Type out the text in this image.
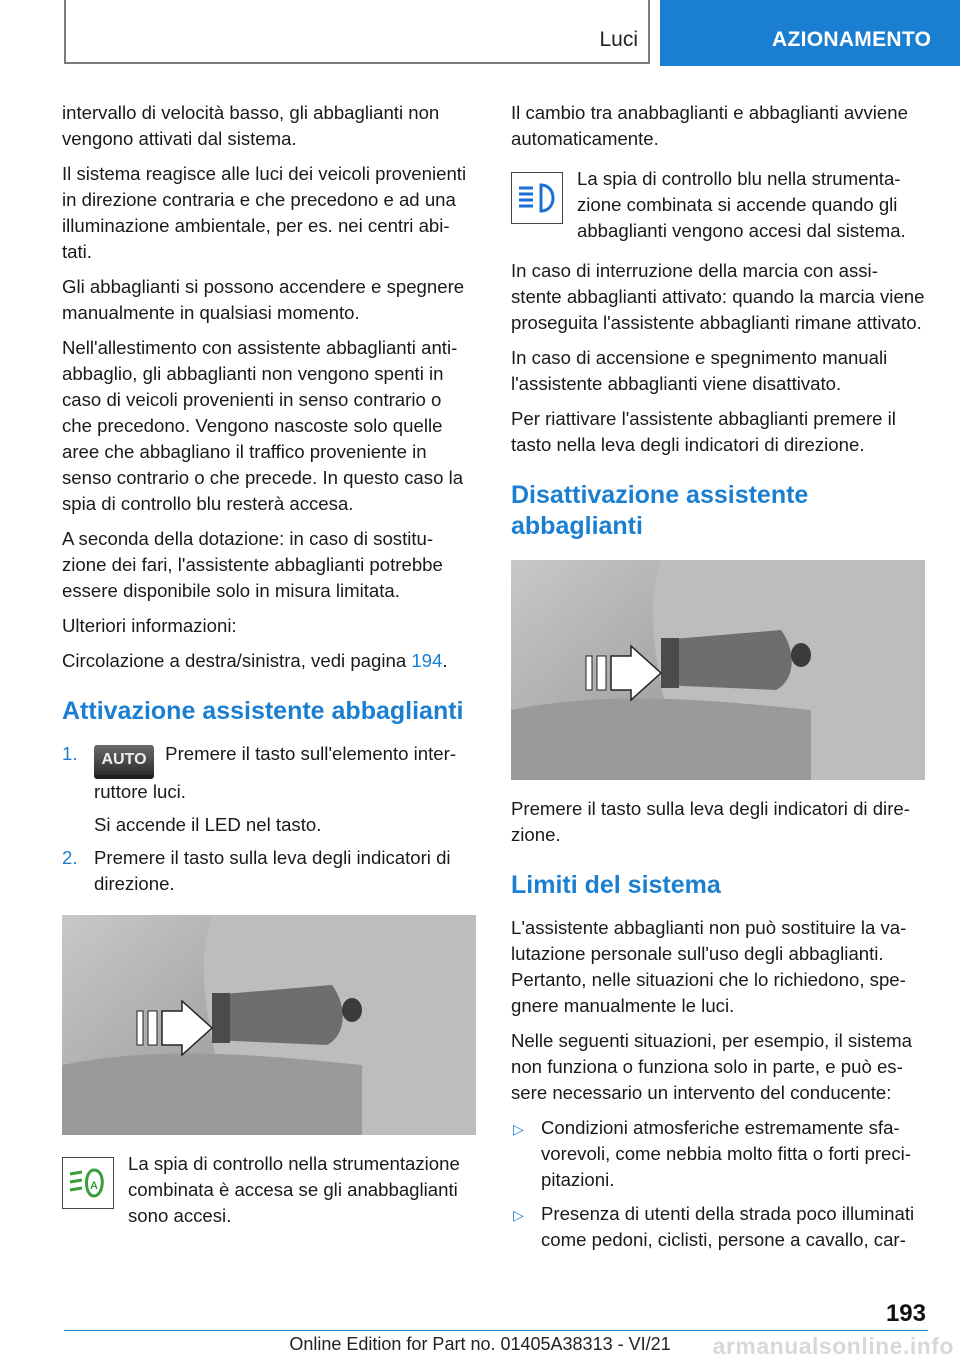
Luci	AZIONAMENTO

intervallo di velocità basso, gli abbaglianti non vengono attivati dal sistema.

Il sistema reagisce alle luci dei veicoli provenienti in direzione contraria e che precedono e ad una illuminazione ambientale, per es. nei centri abi‐tati.

Gli abbaglianti si possono accendere e spegnere manualmente in qualsiasi momento.

Nell'allestimento con assistente abbaglianti anti‐abbaglio, gli abbaglianti non vengono spenti in caso di veicoli provenienti in senso contrario o che precedono. Vengono nascoste solo quelle aree che abbagliano il traffico proveniente in senso contrario o che precede. In questo caso la spia di controllo blu resterà accesa.

A seconda della dotazione: in caso di sostitu‐zione dei fari, l'assistente abbaglianti potrebbe essere disponibile solo in misura limitata.

Ulteriori informazioni:

Circolazione a destra/sinistra, vedi pagina 194.

Attivazione assistente abbaglianti
1. AUTO Premere il tasto sull'elemento inter‐ruttore luci.
Si accende il LED nel tasto.
2. Premere il tasto sulla leva degli indicatori di direzione.
A

La spia di controllo nella strumentazione combinata è accesa se gli anabbaglianti sono accesi.

Il cambio tra anabbaglianti e abbaglianti avviene automaticamente.

La spia di controllo blu nella strumenta‐zione combinata si accende quando gli abbaglianti vengono accesi dal sistema.

In caso di interruzione della marcia con assi‐stente abbaglianti attivato: quando la marcia viene proseguita l'assistente abbaglianti rimane attivato.

In caso di accensione e spegnimento manuali l'assistente abbaglianti viene disattivato.

Per riattivare l'assistente abbaglianti premere il tasto nella leva degli indicatori di direzione.

Disattivazione assistente abbaglianti

Premere il tasto sulla leva degli indicatori di dire‐zione.

Limiti del sistema

L'assistente abbaglianti non può sostituire la va‐lutazione personale sull'uso degli abbaglianti. Pertanto, nelle situazioni che lo richiedono, spe‐gnere manualmente le luci.

Nelle seguenti situazioni, per esempio, il sistema non funziona o funziona solo in parte, e può es‐sere necessario un intervento del conducente:

▷ Condizioni atmosferiche estremamente sfa‐vorevoli, come nebbia molto fitta o forti preci‐pitazioni.
▷ Presenza di utenti della strada poco illuminati come pedoni, ciclisti, persone a cavallo, car‐
193
Online Edition for Part no. 01405A38313 - VI/21	armanualsonline.info
